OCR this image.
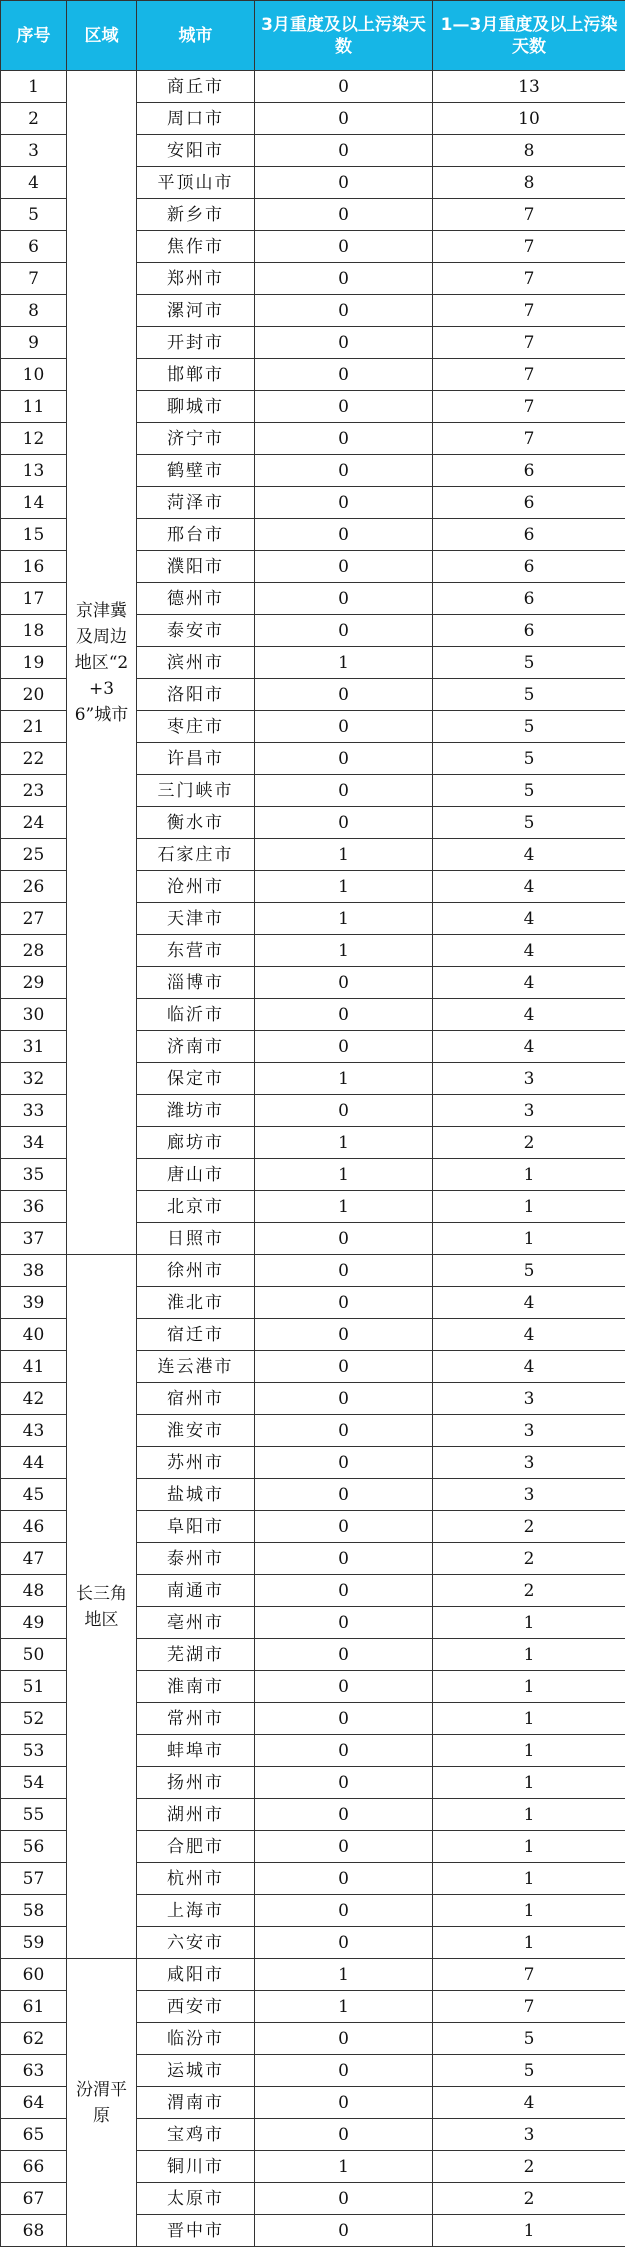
序号	区域	城市	3月重度及以上污染天数	1—3月重度及以上污染天数
1	京津冀及周边地区“2+36”城市	商丘市	0	13
2		周口市	0	10
3		安阳市	0	8
4		平顶山市	0	8
5		新乡市	0	7
6		焦作市	0	7
7		郑州市	0	7
8		漯河市	0	7
9		开封市	0	7
10		邯郸市	0	7
11		聊城市	0	7
12		济宁市	0	7
13		鹤壁市	0	6
14		菏泽市	0	6
15		邢台市	0	6
16		濮阳市	0	6
17		德州市	0	6
18		泰安市	0	6
19		滨州市	1	5
20		洛阳市	0	5
21		枣庄市	0	5
22		许昌市	0	5
23		三门峡市	0	5
24		衡水市	0	5
25		石家庄市	1	4
26		沧州市	1	4
27		天津市	1	4
28		东营市	1	4
29		淄博市	0	4
30		临沂市	0	4
31		济南市	0	4
32		保定市	1	3
33		潍坊市	0	3
34		廊坊市	1	2
35		唐山市	1	1
36		北京市	1	1
37		日照市	0	1
38	长三角地区	徐州市	0	5
39		淮北市	0	4
40		宿迁市	0	4
41		连云港市	0	4
42		宿州市	0	3
43		淮安市	0	3
44		苏州市	0	3
45		盐城市	0	3
46		阜阳市	0	2
47		泰州市	0	2
48		南通市	0	2
49		亳州市	0	1
50		芜湖市	0	1
51		淮南市	0	1
52		常州市	0	1
53		蚌埠市	0	1
54		扬州市	0	1
55		湖州市	0	1
56		合肥市	0	1
57		杭州市	0	1
58		上海市	0	1
59		六安市	0	1
60	汾渭平原	咸阳市	1	7
61		西安市	1	7
62		临汾市	0	5
63		运城市	0	5
64		渭南市	0	4
65		宝鸡市	0	3
66		铜川市	1	2
67		太原市	0	2
68		晋中市	0	1
